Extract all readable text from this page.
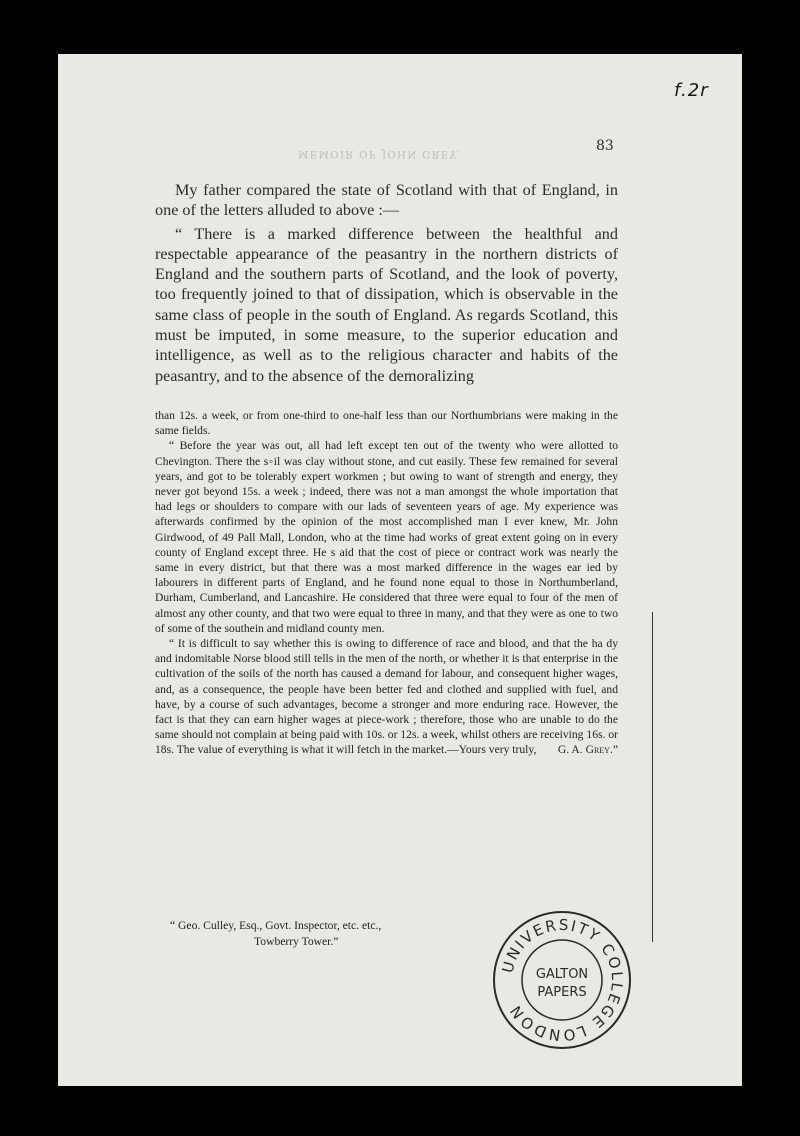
f.2r
MEMOIR OF JOHN GREY.	83

My father compared the state of Scotland with that of England, in one of the letters alluded to above :—

“ There is a marked difference between the healthful and respectable appearance of the peasantry in the northern districts of England and the southern parts of Scotland, and the look of poverty, too frequently joined to that of dissipation, which is observable in the same class of people in the south of England. As regards Scotland, this must be imputed, in some measure, to the superior education and intelligence, as well as to the religious character and habits of the peasantry, and to the absence of the demoralizing

than 12s. a week, or from one-third to one-half less than our Northumbrians were making in the same fields.

“ Before the year was out, all had left except ten out of the twenty who were allotted to Chevington. There the s◦il was clay without stone, and cut easily. These few remained for several years, and got to be tolerably expert workmen ; but owing to want of strength and energy, they never got beyond 15s. a week ; indeed, there was not a man amongst the whole importation that had legs or shoulders to compare with our lads of seventeen years of age. My experience was afterwards confirmed by the opinion of the most accomplished man I ever knew, Mr. John Girdwood, of 49 Pall Mall, London, who at the time had works of great extent going on in every county of England except three. He s aid that the cost of piece or contract work was nearly the same in every district, but that there was a most marked difference in the wages ear ied by labourers in different parts of England, and he found none equal to those in Northumberland, Durham, Cumberland, and Lancashire. He considered that three were equal to four of the men of almost any other county, and that two were equal to three in many, and that they were as one to two of some of the southein and midland county men.

“ It is difficult to say whether this is owing to difference of race and blood, and that the ha dy and indomitable Norse blood still tells in the men of the north, or whether it is that enterprise in the cultivation of the soils of the north has caused a demand for labour, and consequent higher wages, and, as a consequence, the people have been better fed and clothed and supplied with fuel, and have, by a course of such advantages, become a stronger and more enduring race. However, the fact is that they can earn higher wages at piece-work ; therefore, those who are unable to do the same should not complain at being paid with 10s. or 12s. a week, whilst others are receiving 16s. or 18s. The value of everything is what it will fetch in the market.—Yours very truly,	G. A. Grey.”

“ Geo. Culley, Esq., Govt. Inspector, etc. etc.,
Towberry Tower.”
UNIVERSITY COLLEGE LONDON
GALTON
PAPERS
